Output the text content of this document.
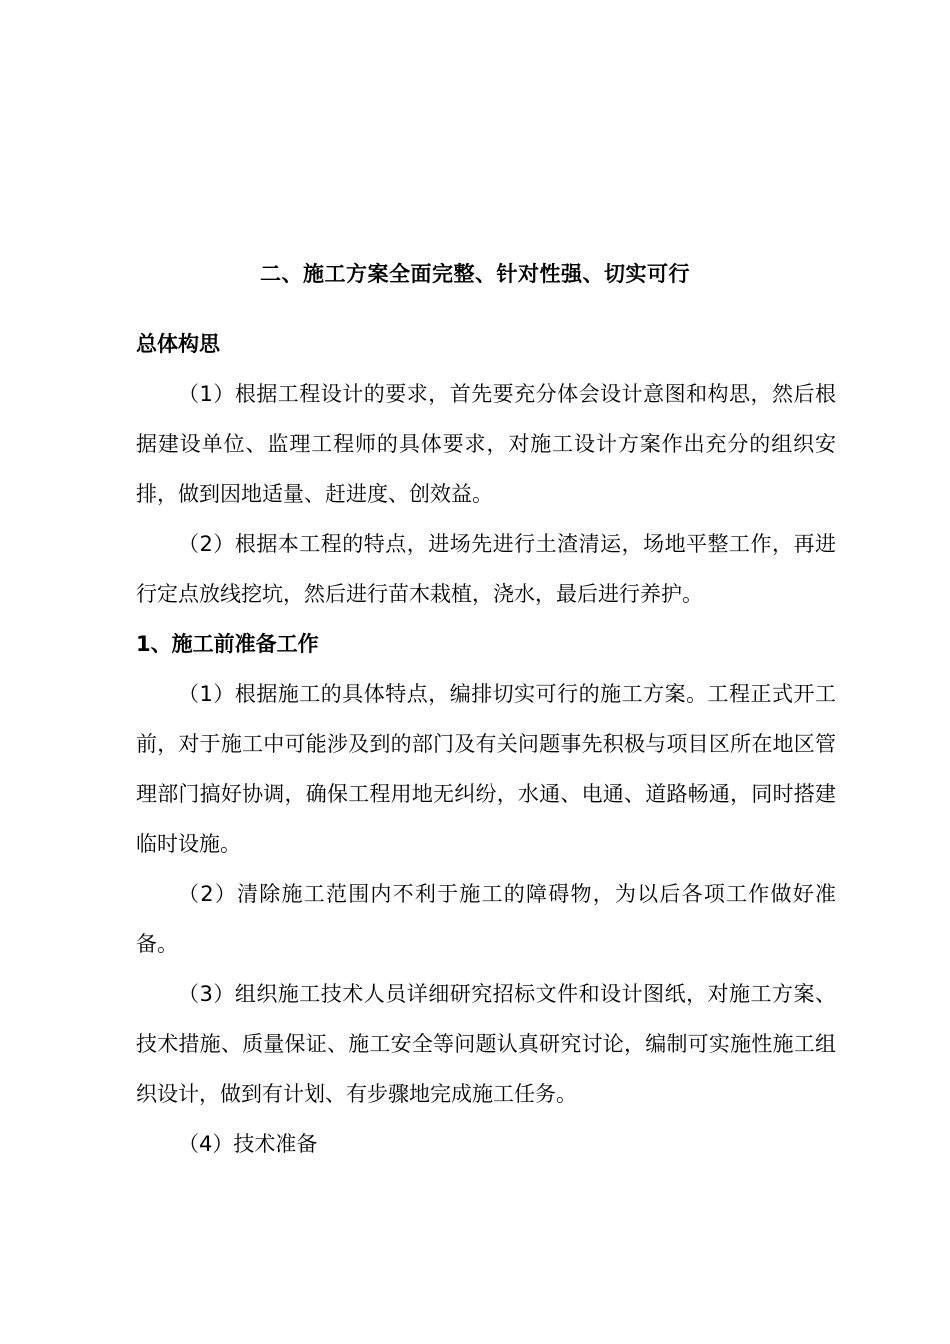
二、施工方案全面完整、针对性强、切实可行
总体构思

（1）根据工程设计的要求，首先要充分体会设计意图和构思，然后根据建设单位、监理工程师的具体要求，对施工设计方案作出充分的组织安排，做到因地适量、赶进度、创效益。

（2）根据本工程的特点，进场先进行土渣清运，场地平整工作，再进行定点放线挖坑，然后进行苗木栽植，浇水，最后进行养护。

1、施工前准备工作

（1）根据施工的具体特点，编排切实可行的施工方案。工程正式开工前，对于施工中可能涉及到的部门及有关问题事先积极与项目区所在地区管理部门搞好协调，确保工程用地无纠纷，水通、电通、道路畅通，同时搭建临时设施。

（2）清除施工范围内不利于施工的障碍物，为以后各项工作做好准备。

（3）组织施工技术人员详细研究招标文件和设计图纸，对施工方案、技术措施、质量保证、施工安全等问题认真研究讨论，编制可实施性施工组织设计，做到有计划、有步骤地完成施工任务。

（4）技术准备
